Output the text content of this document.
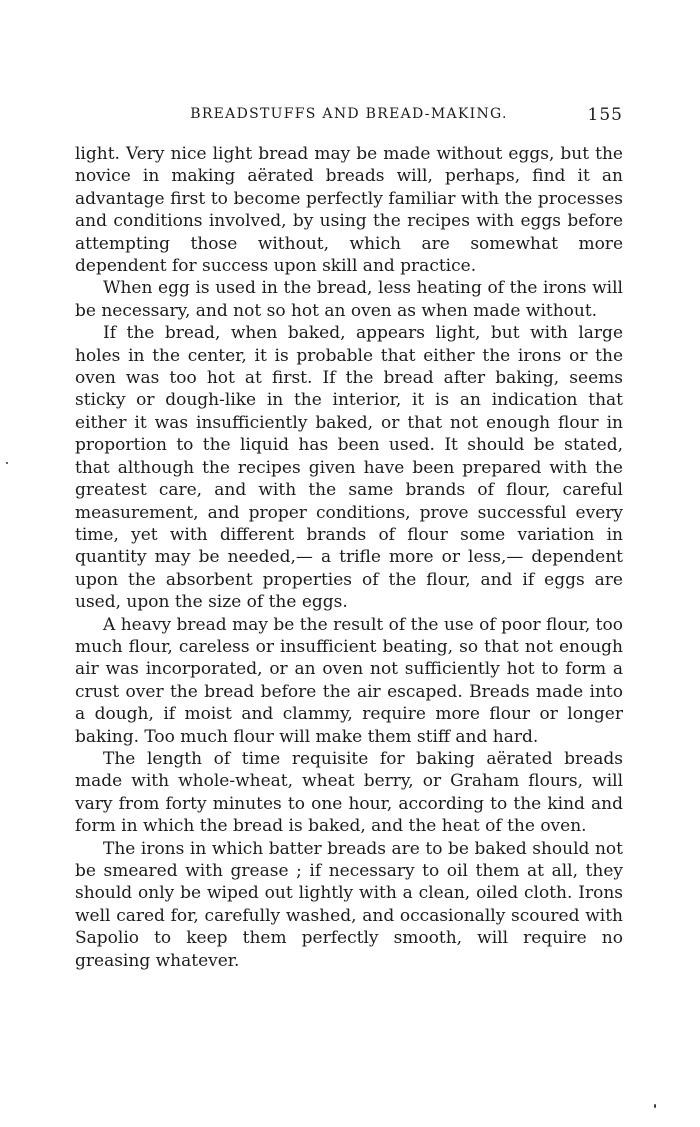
BREADSTUFFS AND BREAD-MAKING.	155

light. Very nice light bread may be made without eggs, but the novice in making aërated breads will, perhaps, find it an advantage first to become perfectly familiar with the processes and conditions involved, by using the recipes with eggs before attempting those without, which are somewhat more dependent for success upon skill and practice.

When egg is used in the bread, less heating of the irons will be necessary, and not so hot an oven as when made without.

If the bread, when baked, appears light, but with large holes in the center, it is probable that either the irons or the oven was too hot at first. If the bread after baking, seems sticky or dough-like in the interior, it is an indication that either it was insufficiently baked, or that not enough flour in proportion to the liquid has been used. It should be stated, that although the recipes given have been prepared with the greatest care, and with the same brands of flour, careful measurement, and proper conditions, prove successful every time, yet with different brands of flour some variation in quantity may be needed,— a trifle more or less,— dependent upon the absorbent properties of the flour, and if eggs are used, upon the size of the eggs.

A heavy bread may be the result of the use of poor flour, too much flour, careless or insufficient beating, so that not enough air was incorporated, or an oven not sufficiently hot to form a crust over the bread before the air escaped. Breads made into a dough, if moist and clammy, require more flour or longer baking. Too much flour will make them stiff and hard.

The length of time requisite for baking aërated breads made with whole-wheat, wheat berry, or Graham flours, will vary from forty minutes to one hour, according to the kind and form in which the bread is baked, and the heat of the oven.

The irons in which batter breads are to be baked should not be smeared with grease ; if necessary to oil them at all, they should only be wiped out lightly with a clean, oiled cloth. Irons well cared for, carefully washed, and occasionally scoured with Sapolio to keep them perfectly smooth, will require no greasing whatever.
